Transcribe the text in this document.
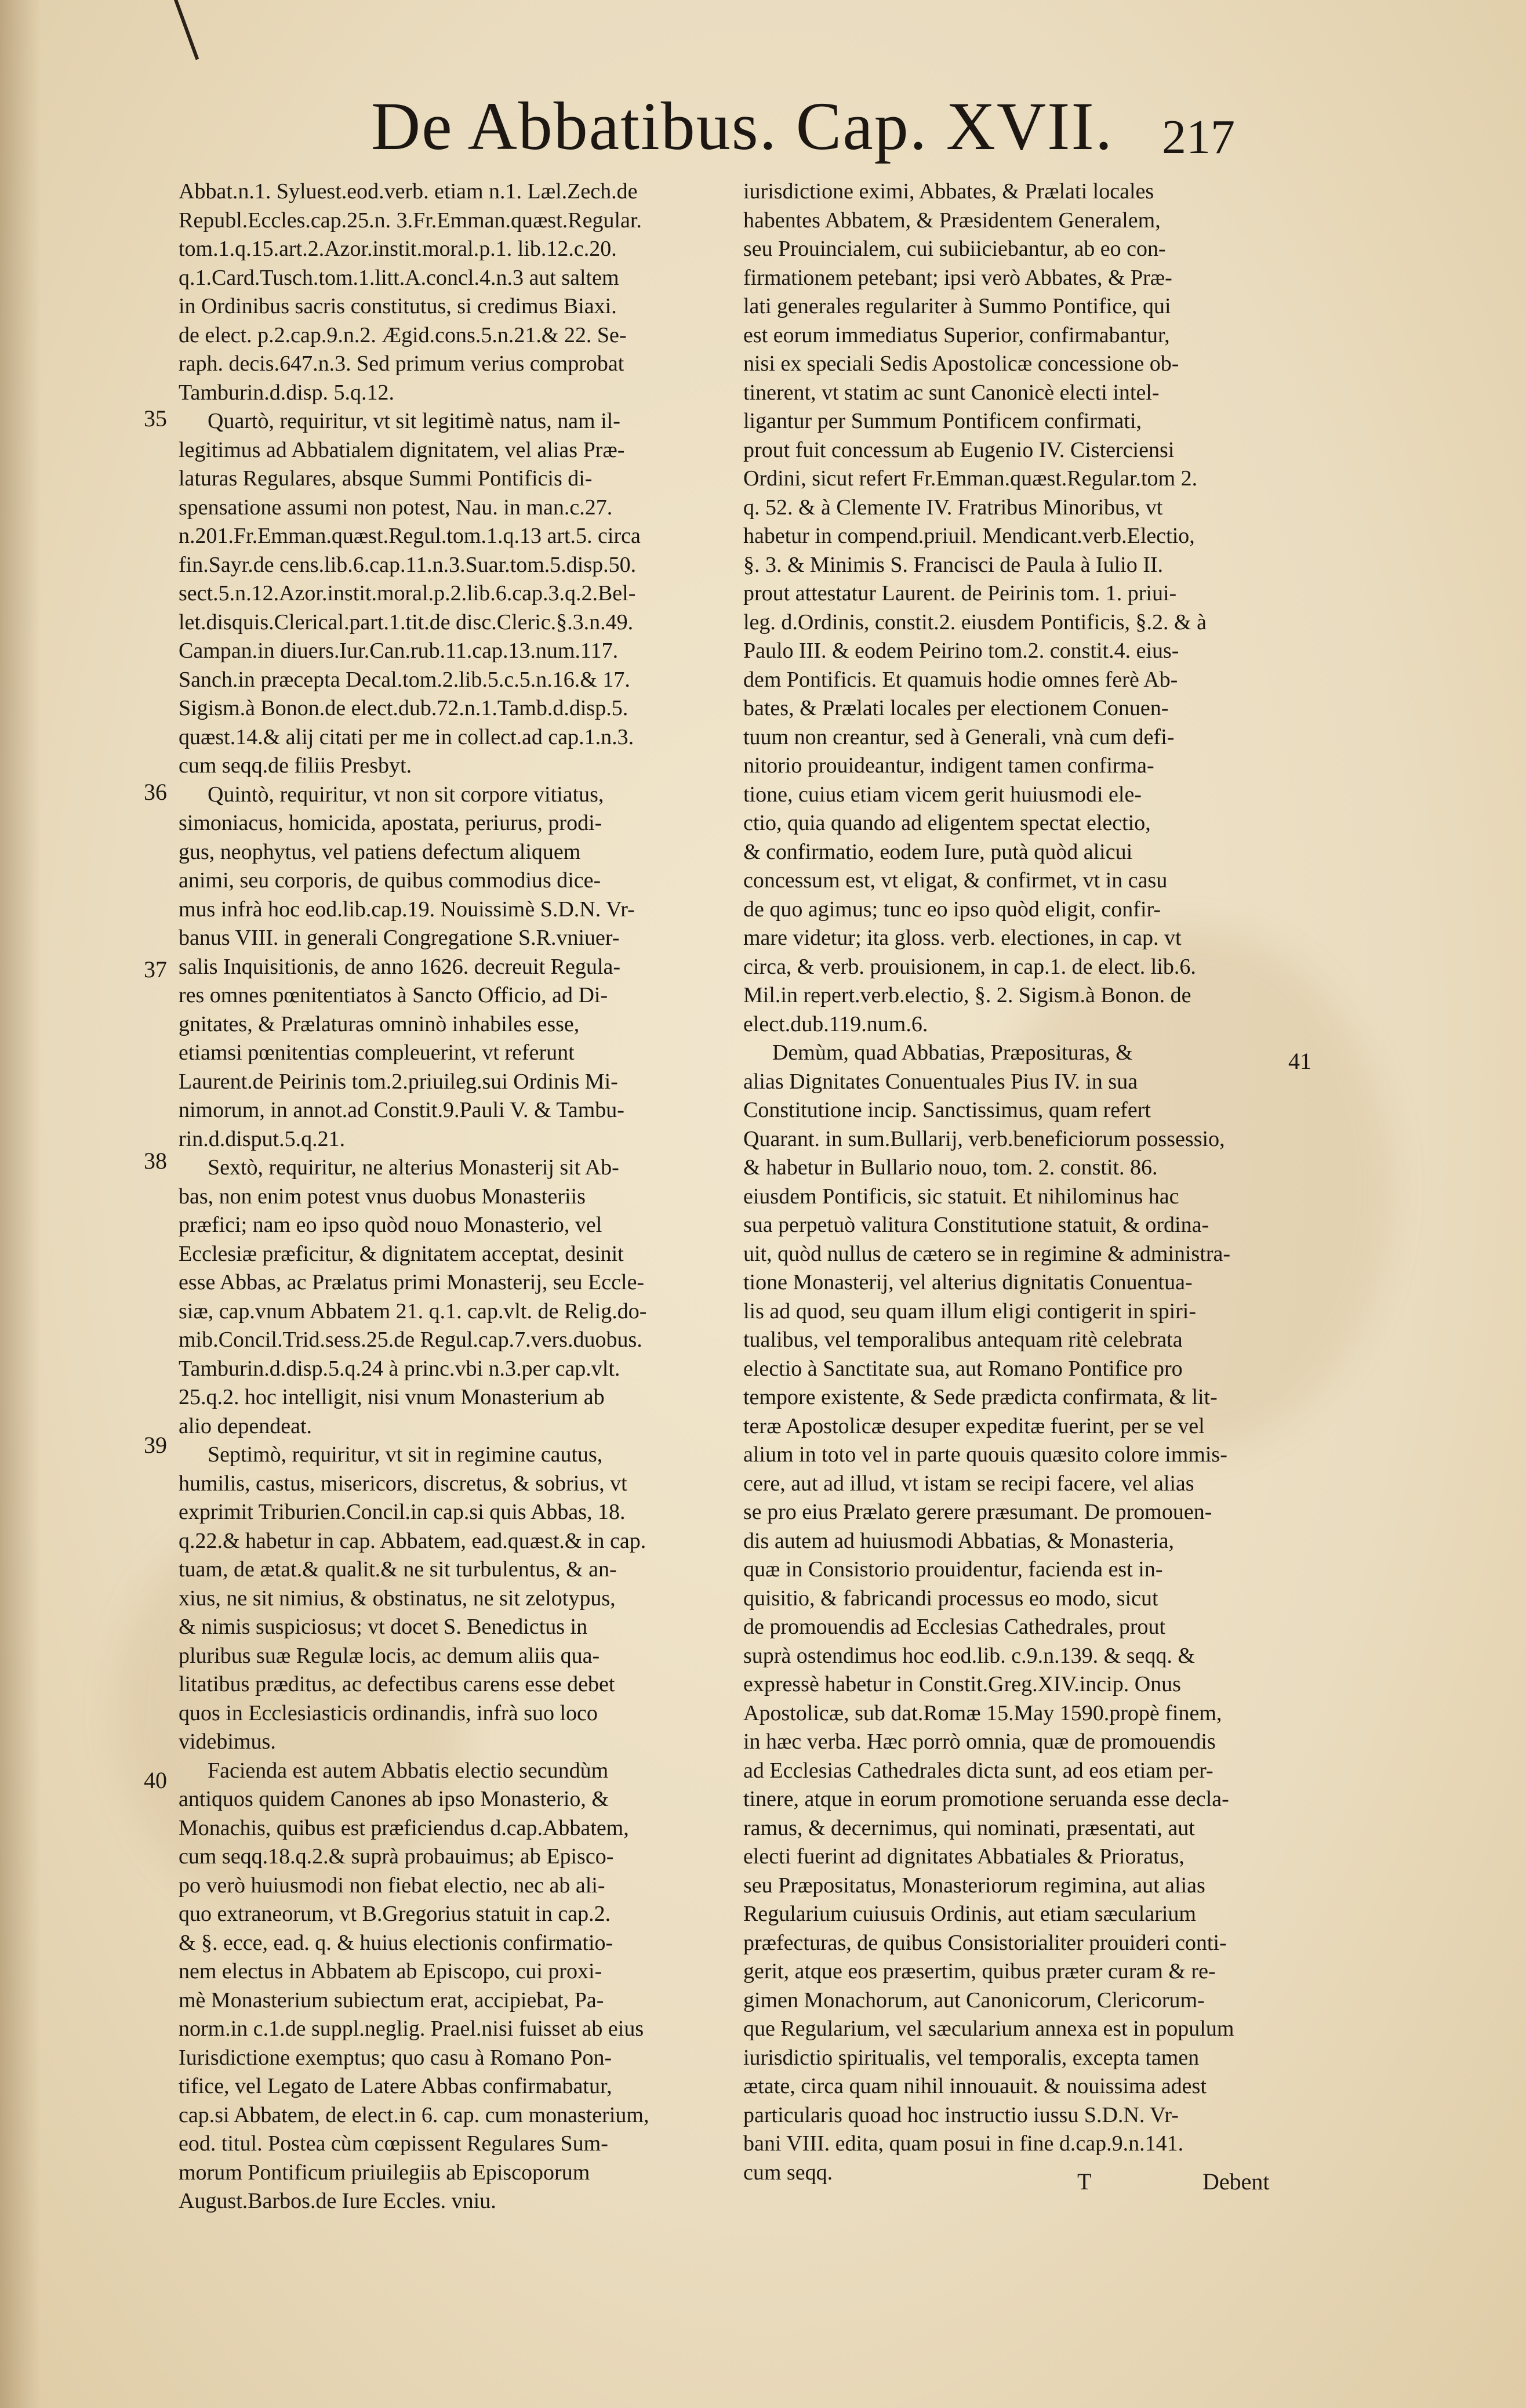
De Abbatibus. Cap. XVII. 217
35
36
37
38
39
40
41
Abbat.n.1. Syluest.eod.verb. etiam n.1. Læl.Zech.de
Republ.Eccles.cap.25.n. 3.Fr.Emman.quæst.Regular.
tom.1.q.15.art.2.Azor.instit.moral.p.1. lib.12.c.20.
q.1.Card.Tusch.tom.1.litt.A.concl.4.n.3 aut saltem
in Ordinibus sacris constitutus, si credimus Biaxi.
de elect. p.2.cap.9.n.2. Ægid.cons.5.n.21.& 22. Se-
raph. decis.647.n.3. Sed primum verius comprobat
Tamburin.d.disp. 5.q.12.
Quartò, requiritur, vt sit legitimè natus, nam il-
legitimus ad Abbatialem dignitatem, vel alias Præ-
laturas Regulares, absque Summi Pontificis di-
spensatione assumi non potest, Nau. in man.c.27.
n.201.Fr.Emman.quæst.Regul.tom.1.q.13 art.5. circa
fin.Sayr.de cens.lib.6.cap.11.n.3.Suar.tom.5.disp.50.
sect.5.n.12.Azor.instit.moral.p.2.lib.6.cap.3.q.2.Bel-
let.disquis.Clerical.part.1.tit.de disc.Cleric.§.3.n.49.
Campan.in diuers.Iur.Can.rub.11.cap.13.num.117.
Sanch.in præcepta Decal.tom.2.lib.5.c.5.n.16.& 17.
Sigism.à Bonon.de elect.dub.72.n.1.Tamb.d.disp.5.
quæst.14.& alij citati per me in collect.ad cap.1.n.3.
cum seqq.de filiis Presbyt.
Quintò, requiritur, vt non sit corpore vitiatus,
simoniacus, homicida, apostata, periurus, prodi-
gus, neophytus, vel patiens defectum aliquem
animi, seu corporis, de quibus commodius dice-
mus infrà hoc eod.lib.cap.19. Nouissimè S.D.N. Vr-
banus VIII. in generali Congregatione S.R.vniuer-
salis Inquisitionis, de anno 1626. decreuit Regula-
res omnes pœnitentiatos à Sancto Officio, ad Di-
gnitates, & Prælaturas omninò inhabiles esse,
etiamsi pœnitentias compleuerint, vt referunt
Laurent.de Peirinis tom.2.priuileg.sui Ordinis Mi-
nimorum, in annot.ad Constit.9.Pauli V. & Tambu-
rin.d.disput.5.q.21.
Sextò, requiritur, ne alterius Monasterij sit Ab-
bas, non enim potest vnus duobus Monasteriis
præfici; nam eo ipso quòd nouo Monasterio, vel
Ecclesiæ præficitur, & dignitatem acceptat, desinit
esse Abbas, ac Prælatus primi Monasterij, seu Eccle-
siæ, cap.vnum Abbatem 21. q.1. cap.vlt. de Relig.do-
mib.Concil.Trid.sess.25.de Regul.cap.7.vers.duobus.
Tamburin.d.disp.5.q.24 à princ.vbi n.3.per cap.vlt.
25.q.2. hoc intelligit, nisi vnum Monasterium ab
alio dependeat.
Septimò, requiritur, vt sit in regimine cautus,
humilis, castus, misericors, discretus, & sobrius, vt
exprimit Triburien.Concil.in cap.si quis Abbas, 18.
q.22.& habetur in cap. Abbatem, ead.quæst.& in cap.
tuam, de ætat.& qualit.& ne sit turbulentus, & an-
xius, ne sit nimius, & obstinatus, ne sit zelotypus,
& nimis suspiciosus; vt docet S. Benedictus in
pluribus suæ Regulæ locis, ac demum aliis qua-
litatibus præditus, ac defectibus carens esse debet
quos in Ecclesiasticis ordinandis, infrà suo loco
videbimus.
Facienda est autem Abbatis electio secundùm
antiquos quidem Canones ab ipso Monasterio, &
Monachis, quibus est præficiendus d.cap.Abbatem,
cum seqq.18.q.2.& suprà probauimus; ab Episco-
po verò huiusmodi non fiebat electio, nec ab ali-
quo extraneorum, vt B.Gregorius statuit in cap.2.
& §. ecce, ead. q. & huius electionis confirmatio-
nem electus in Abbatem ab Episcopo, cui proxi-
mè Monasterium subiectum erat, accipiebat, Pa-
norm.in c.1.de suppl.neglig. Prael.nisi fuisset ab eius
Iurisdictione exemptus; quo casu à Romano Pon-
tifice, vel Legato de Latere Abbas confirmabatur,
cap.si Abbatem, de elect.in 6. cap. cum monasterium,
eod. titul. Postea cùm cœpissent Regulares Sum-
morum Pontificum priuilegiis ab Episcoporum
August.Barbos.de Iure Eccles. vniu.
iurisdictione eximi, Abbates, & Prælati locales
habentes Abbatem, & Præsidentem Generalem,
seu Prouincialem, cui subiiciebantur, ab eo con-
firmationem petebant; ipsi verò Abbates, & Præ-
lati generales regulariter à Summo Pontifice, qui
est eorum immediatus Superior, confirmabantur,
nisi ex speciali Sedis Apostolicæ concessione ob-
tinerent, vt statim ac sunt Canonicè electi intel-
ligantur per Summum Pontificem confirmati,
prout fuit concessum ab Eugenio IV. Cisterciensi
Ordini, sicut refert Fr.Emman.quæst.Regular.tom 2.
q. 52. & à Clemente IV. Fratribus Minoribus, vt
habetur in compend.priuil. Mendicant.verb.Electio,
§. 3. & Minimis S. Francisci de Paula à Iulio II.
prout attestatur Laurent. de Peirinis tom. 1. priui-
leg. d.Ordinis, constit.2. eiusdem Pontificis, §.2. & à
Paulo III. & eodem Peirino tom.2. constit.4. eius-
dem Pontificis. Et quamuis hodie omnes ferè Ab-
bates, & Prælati locales per electionem Conuen-
tuum non creantur, sed à Generali, vnà cum defi-
nitorio prouideantur, indigent tamen confirma-
tione, cuius etiam vicem gerit huiusmodi ele-
ctio, quia quando ad eligentem spectat electio,
& confirmatio, eodem Iure, putà quòd alicui
concessum est, vt eligat, & confirmet, vt in casu
de quo agimus; tunc eo ipso quòd eligit, confir-
mare videtur; ita gloss. verb. electiones, in cap. vt
circa, & verb. prouisionem, in cap.1. de elect. lib.6.
Mil.in repert.verb.electio, §. 2. Sigism.à Bonon. de
elect.dub.119.num.6.
Demùm, quad Abbatias, Præposituras, &
alias Dignitates Conuentuales Pius IV. in sua
Constitutione incip. Sanctissimus, quam refert
Quarant. in sum.Bullarij, verb.beneficiorum possessio,
& habetur in Bullario nouo, tom. 2. constit. 86.
eiusdem Pontificis, sic statuit. Et nihilominus hac
sua perpetuò valitura Constitutione statuit, & ordina-
uit, quòd nullus de cætero se in regimine & administra-
tione Monasterij, vel alterius dignitatis Conuentua-
lis ad quod, seu quam illum eligi contigerit in spiri-
tualibus, vel temporalibus antequam ritè celebrata
electio à Sanctitate sua, aut Romano Pontifice pro
tempore existente, & Sede prædicta confirmata, & lit-
teræ Apostolicæ desuper expeditæ fuerint, per se vel
alium in toto vel in parte quouis quæsito colore immis-
cere, aut ad illud, vt istam se recipi facere, vel alias
se pro eius Prælato gerere præsumant. De promouen-
dis autem ad huiusmodi Abbatias, & Monasteria,
quæ in Consistorio prouidentur, facienda est in-
quisitio, & fabricandi processus eo modo, sicut
de promouendis ad Ecclesias Cathedrales, prout
suprà ostendimus hoc eod.lib. c.9.n.139. & seqq. &
expressè habetur in Constit.Greg.XIV.incip. Onus
Apostolicæ, sub dat.Romæ 15.May 1590.propè finem,
in hæc verba. Hæc porrò omnia, quæ de promouendis
ad Ecclesias Cathedrales dicta sunt, ad eos etiam per-
tinere, atque in eorum promotione seruanda esse decla-
ramus, & decernimus, qui nominati, præsentati, aut
electi fuerint ad dignitates Abbatiales & Prioratus,
seu Præpositatus, Monasteriorum regimina, aut alias
Regularium cuiusuis Ordinis, aut etiam sæcularium
præfecturas, de quibus Consistorialiter prouideri conti-
gerit, atque eos præsertim, quibus præter curam & re-
gimen Monachorum, aut Canonicorum, Clericorum-
que Regularium, vel sæcularium annexa est in populum
iurisdictio spiritualis, vel temporalis, excepta tamen
ætate, circa quam nihil innouauit. & nouissima adest
particularis quoad hoc instructio iussu S.D.N. Vr-
bani VIII. edita, quam posui in fine d.cap.9.n.141.
cum seqq.	T	Debent
